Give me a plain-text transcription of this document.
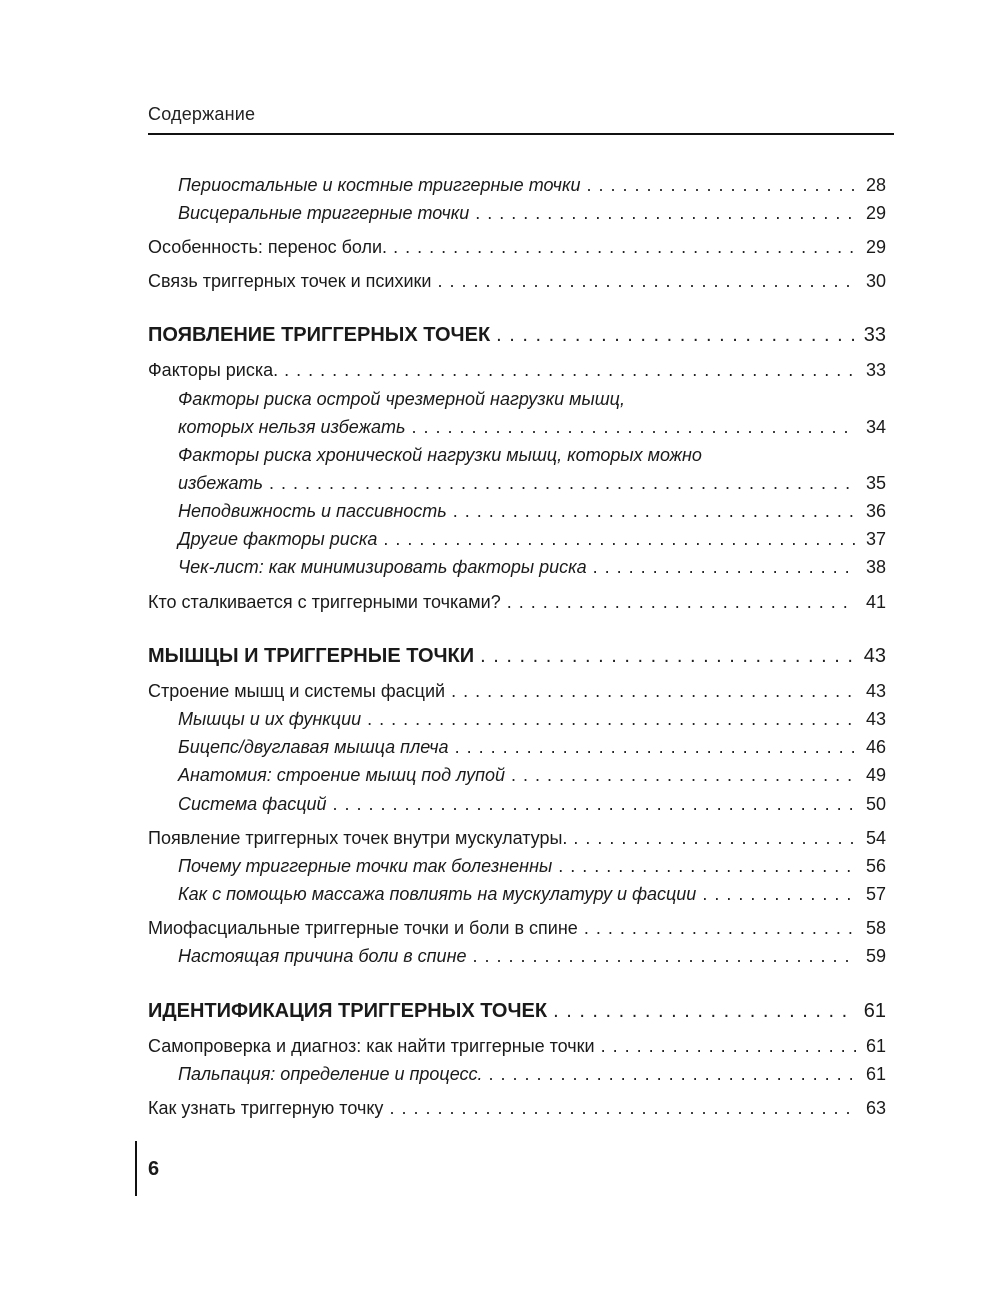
Содержание
Периостальные и костные триггерные точки . . .	28
Висцеральные триггерные точки . . .	29
Особенность: перенос боли. . . .	29
Связь триггерных точек и психики . . .	30
ПОЯВЛЕНИЕ ТРИГГЕРНЫХ ТОЧЕК . . .	33
Факторы риска. . . .	33
Факторы риска острой чрезмерной нагрузки мышц,
которых нельзя избежать . . .	34
Факторы риска хронической нагрузки мышц, которых можно
избежать . . .	35
Неподвижность и пассивность . . .	36
Другие факторы риска . . .	37
Чек-лист: как минимизировать факторы риска . . .	38
Кто сталкивается с триггерными точками? . . .	41
МЫШЦЫ И ТРИГГЕРНЫЕ ТОЧКИ . . .	43
Строение мышц и системы фасций . . .	43
Мышцы и их функции . . .	43
Бицепс/двуглавая мышца плеча . . .	46
Анатомия: строение мышц под лупой . . .	49
Система фасций . . .	50
Появление триггерных точек внутри мускулатуры. . . .	54
Почему триггерные точки так болезненны . . .	56
Как с помощью массажа повлиять на мускулатуру и фасции . . .	57
Миофасциальные триггерные точки и боли в спине . . .	58
Настоящая причина боли в спине . . .	59
ИДЕНТИФИКАЦИЯ ТРИГГЕРНЫХ ТОЧЕК . . .	61
Самопроверка и диагноз: как найти триггерные точки . . .	61
Пальпация: определение и процесс. . . .	61
Как узнать триггерную точку . . .	63
6
